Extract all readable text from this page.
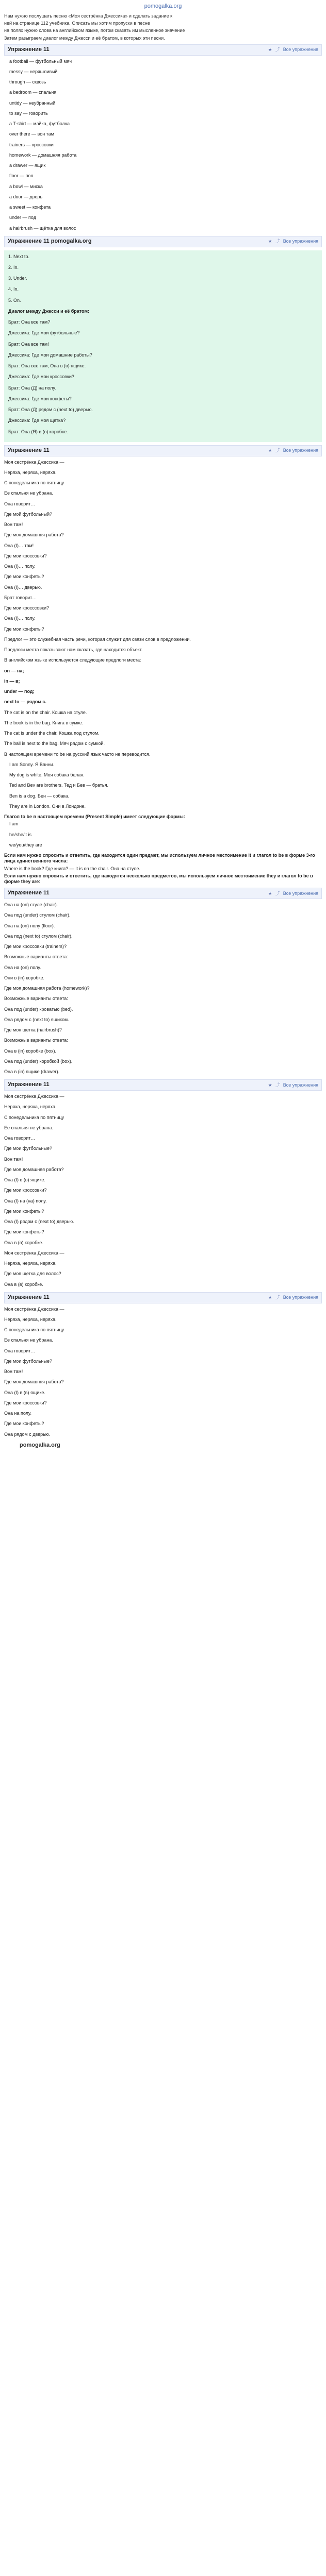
pomogalka.org

Нам нужно послушать песню «Моя сестрёнка Джессика» и сделать задание к

ней на странице 112 учебника. Описать мы хотим пропуски в песне

на полях нужно слова на английском языке, потом сказать им мысленное значение

Затем разыграем диалог между Джесси и её братом, в которых эти песни.

Упражнение 11	★ ⤴ Все упражнения
a football — футбольный мяч
messy — неряшливый
through — сквозь
a bedroom — спальня
untidy — неубранный
to say — говорить
a T-shirt — майка, футболка
over there — вон там
trainers — кроссовки
homework — домашняя работа
a drawer — ящик
floor — пол
a bowl — миска
a door — дверь
a sweet — конфета
under — под
a hairbrush — щётка для волос
Упражнение 11 pomogalka.org	★ ⤴ Все упражнения

1. Next to.

2. In.

3. Under.

4. In.

5. On.

Диалог между Джесси и её братом:

Брат: Она все там?

Джессика: Где мои футбольные?

Брат: Она все там!

Джессика: Где мои домашние работы?

Брат: Она все там, Она в (в) ящике.

Джессика: Где мои кроссовки?

Брат: Она (Д) на полу.

Джессика: Где мои конфеты?

Брат: Она (Д) рядом с (next to) дверью.

Джессика: Где моя щетка?

Брат: Она (Я) в (в) коробке.

Упражнение 11	★ ⤴ Все упражнения

Моя сестрёнка Джессика —

Неряха, неряха, неряха.

С понедельника по пятницу

Ее спальня не убрана.

Она говорит…

Где мой футбольный?

Вон там!

Где моя домашняя работа?

Она (I)… там!

Где мои кроссовки?

Она (I)… полу.

Где мои конфеты?

Она (I)… дверью.

Брат говорит…

Где мои кросссовки?

Она (I)… полу.

Где мои конфеты?

Предлог — это служебная часть речи, которая служит для связи слов в предложении.

Предлоги места показывают нам сказать, где находится объект.

В английском языке используются следующие предлоги места:

on — на;

in — в;

under — под;

next to — рядом с.

The cat is on the chair. Кошка на стуле.

The book is in the bag. Книга в сумке.

The cat is under the chair. Кошка под стулом.

The ball is next to the bag. Мяч рядом с сумкой.

В настоящем времени то be на русский язык часто не переводится.

I am Sonny. Я Ванни.

My dog is white. Моя собака белая.

Ted and Bev are brothers. Тед и Бев — братья.

Ben is a dog. Бен — собака.

They are in London. Они в Лондоне.

Глагол to be в настоящем времени (Present Simple) имеет следующие формы:

I am

he/she/it is

we/you/they are

Если нам нужно спросить и ответить, где находится один предмет, мы используем личное местоимение it и глагол to be в форме 3-го лица единственного числа:

Where is the book? Где книга? — It is on the chair. Она на стуле.

Если нам нужно спросить и ответить, где находятся несколько предметов, мы используем личное местоимение they и глагол to be в форме they are:

Упражнение 11	★ ⤴ Все упражнения

Она на (on) стуле (chair).

Она под (under) стулом (chair).

Она на (on) полу (floor).

Она под (next to) стулом (chair).

Где мои кроссовки (trainers)?

Возможные варианты ответа:

Она на (on) полу.

Они в (in) коробке.

Где моя домашняя работа (homework)?

Возможные варианты ответа:

Она под (under) кроватью (bed).

Она рядом с (next to) ящиком.

Где моя щетка (hairbrush)?

Возможные варианты ответа:

Она в (in) коробке (box).

Она под (under) коробкой (box).

Она в (in) ящике (drawer).

Упражнение 11	★ ⤴ Все упражнения

Моя сестрёнка Джессика —

Неряха, неряха, неряха.

С понедельника по пятницу

Ее спальня не убрана.

Она говорит…

Где мои футбольные?

Вон там!

Где моя домашняя работа?

Она (I) в (в) ящике.

Где мои кроссовки?

Она (I) на (на) полу.

Где мои конфеты?

Она (I) рядом с (next to) дверью.

Где мои конфеты?

Она в (в) коробке.

Моя сестрёнка Джессика —

Неряха, неряха, неряха.

Где моя щетка для волос?

Она в (в) коробке.

Упражнение 11	★ ⤴ Все упражнения

Моя сестрёнка Джессика —

Неряха, неряха, неряха.

С понедельника по пятницу

Ее спальня не убрана.

Она говорит…

Где мои футбольные?

Вон там!

Где моя домашняя работа?

Она (I) в (в) ящике.

Где мои кроссовки?

Она на полу.

Где мои конфеты?

Она рядом с дверью.

pomogalka.org
